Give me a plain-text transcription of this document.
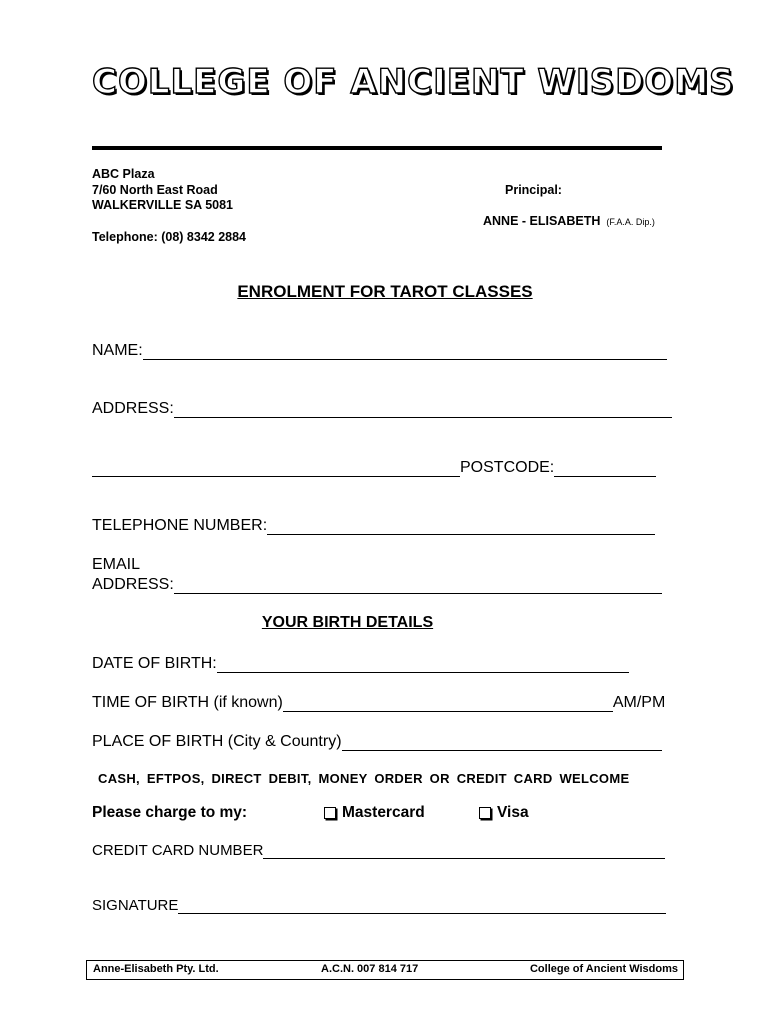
COLLEGE OF ANCIENT WISDOMS
ABC Plaza
7/60 North East Road
WALKERVILLE SA 5081
Telephone: (08) 8342 2884
Principal:
ANNE - ELISABETH (F.A.A. Dip.)
ENROLMENT FOR TAROT CLASSES
NAME:
ADDRESS:
POSTCODE:
TELEPHONE NUMBER:
EMAIL
ADDRESS:
YOUR BIRTH DETAILS
DATE OF BIRTH:
TIME OF BIRTH (if known)	AM/PM
PLACE OF BIRTH (City & Country)
CASH, EFTPOS, DIRECT DEBIT, MONEY ORDER OR CREDIT CARD WELCOME
Please charge to my:	Mastercard	Visa
CREDIT CARD NUMBER
SIGNATURE
Anne-Elisabeth Pty. Ltd.	A.C.N. 007 814 717	College of Ancient Wisdoms
